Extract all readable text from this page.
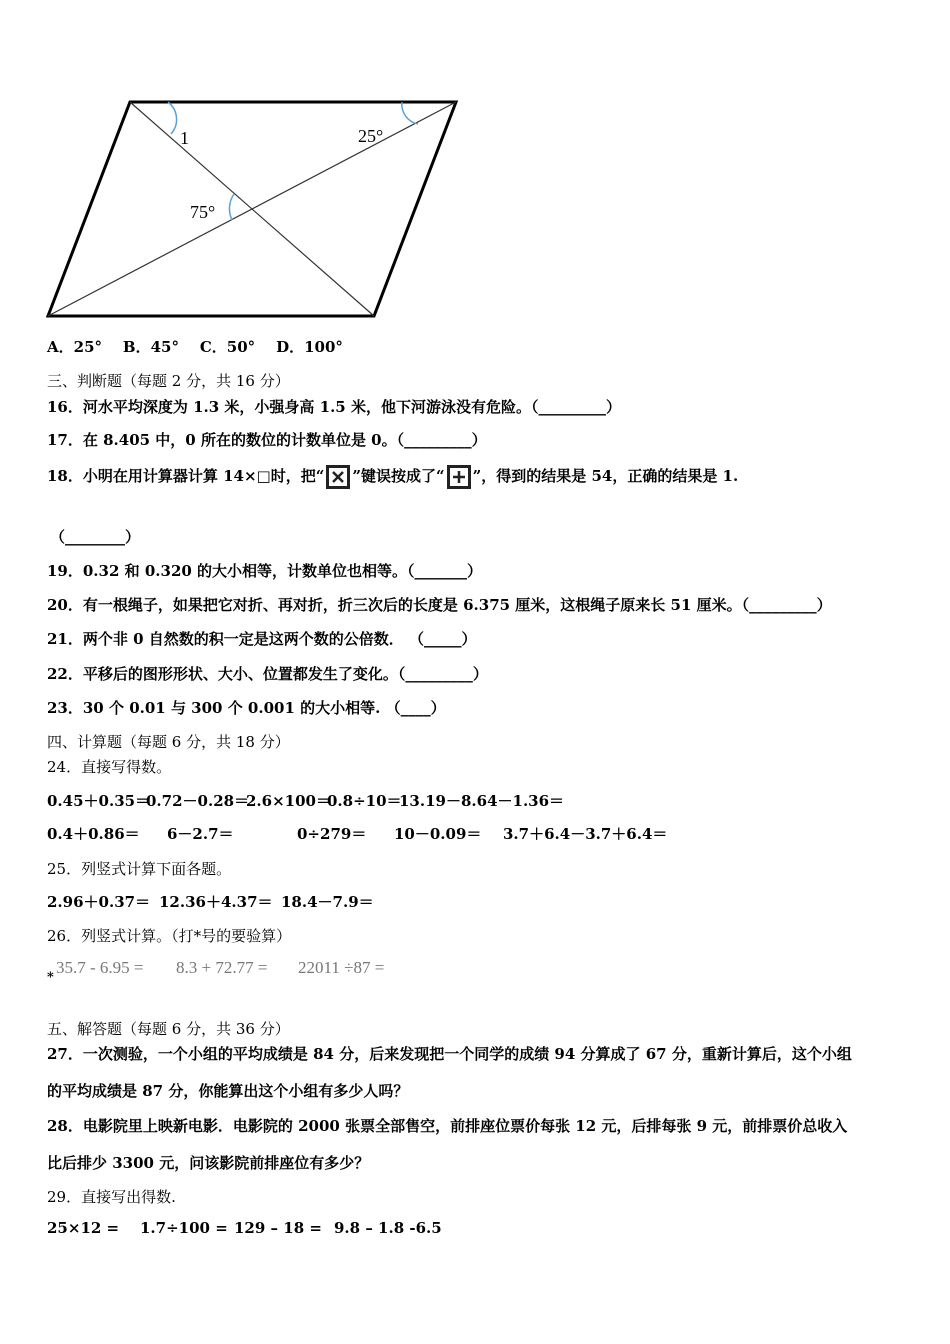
1	25°
75°
A．25° B．45° C．50° D．100°
三、判断题（每题 2 分，共 16 分）
16．河水平均深度为 1.3 米，小强身高 1.5 米，他下河游泳没有危险。（_________）
17．在 8.405 中，0 所在的数位的计数单位是 0。（_________）
18．小明在用计算器计算 14×□时，把“ ”键误按成了“ ”，得到的结果是 54，正确的结果是 1.
（________）
19．0.32 和 0.320 的大小相等，计数单位也相等。（_______）
20．有一根绳子，如果把它对折、再对折，折三次后的长度是 6.375 厘米，这根绳子原来长 51 厘米。（_________）
21．两个非 0 自然数的积一定是这两个数的公倍数． （_____）
22．平移后的图形形状、大小、位置都发生了变化。（_________）
23．30 个 0.01 与 300 个 0.001 的大小相等. （____）
四、计算题（每题 6 分，共 18 分）
24．直接写得数。
0.45＋0.35＝
0.72－0.28＝
2.6×100＝
0.8÷10＝
13.19－8.64－1.36＝
0.4＋0.86＝ 6－2.7＝	0÷279＝ 10－0.09＝ 3.7＋6.4－3.7＋6.4＝
25．列竖式计算下面各题。
2.96＋0.37＝ 12.36＋4.37＝ 18.4－7.9＝
26．列竖式计算。（打*号的要验算）
*
35.7 - 6.95 = 8.3 + 72.77 = 22011 ÷87 =
五、解答题（每题 6 分，共 36 分）
27．一次测验，一个小组的平均成绩是 84 分，后来发现把一个同学的成绩 94 分算成了 67 分，重新计算后，这个小组
的平均成绩是 87 分，你能算出这个小组有多少人吗？
28．电影院里上映新电影．电影院的 2000 张票全部售空，前排座位票价每张 12 元，后排每张 9 元，前排票价总收入
比后排少 3300 元，问该影院前排座位有多少？
29．直接写出得数.
25×12 = 1.7÷100 = 129 – 18 = 9.8 – 1.8 -6.5
